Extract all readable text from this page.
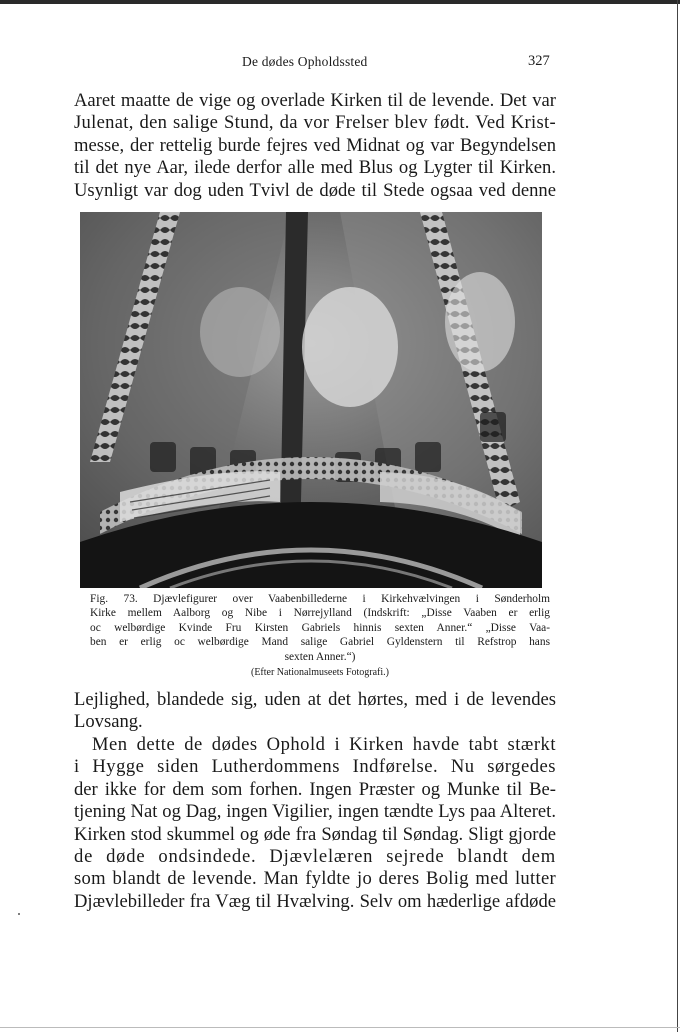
De dødes Opholdssted	327
Aaret maatte de vige og overlade Kirken til de levende. Det var
Julenat, den salige Stund, da vor Frelser blev født. Ved Krist-
messe, der rettelig burde fejres ved Midnat og var Begyndelsen
til det nye Aar, ilede derfor alle med Blus og Lygter til Kirken.
Usynligt var dog uden Tvivl de døde til Stede ogsaa ved denne
Fig. 73. Djævlefigurer over Vaabenbillederne i Kirkehvælvingen i Sønderholm
Kirke mellem Aalborg og Nibe i Nørrejylland (Indskrift: „Disse Vaaben er erlig
oc welbørdige Kvinde Fru Kirsten Gabriels hinnis sexten Anner.“ „Disse Vaa-
ben er erlig oc welbørdige Mand salige Gabriel Gyldenstern til Refstrop hans
sexten Anner.“)
(Efter Nationalmuseets Fotografi.)
Lejlighed, blandede sig, uden at det hørtes, med i de levendes
Lovsang.
Men dette de dødes Ophold i Kirken havde tabt stærkt
i Hygge siden Lutherdommens Indførelse. Nu sørgedes
der ikke for dem som forhen. Ingen Præster og Munke til Be-
tjening Nat og Dag, ingen Vigilier, ingen tændte Lys paa Alteret.
Kirken stod skummel og øde fra Søndag til Søndag. Sligt gjorde
de døde ondsindede. Djævlelæren sejrede blandt dem
som blandt de levende. Man fyldte jo deres Bolig med lutter
Djævlebilleder fra Væg til Hvælving. Selv om hæderlige afdøde
